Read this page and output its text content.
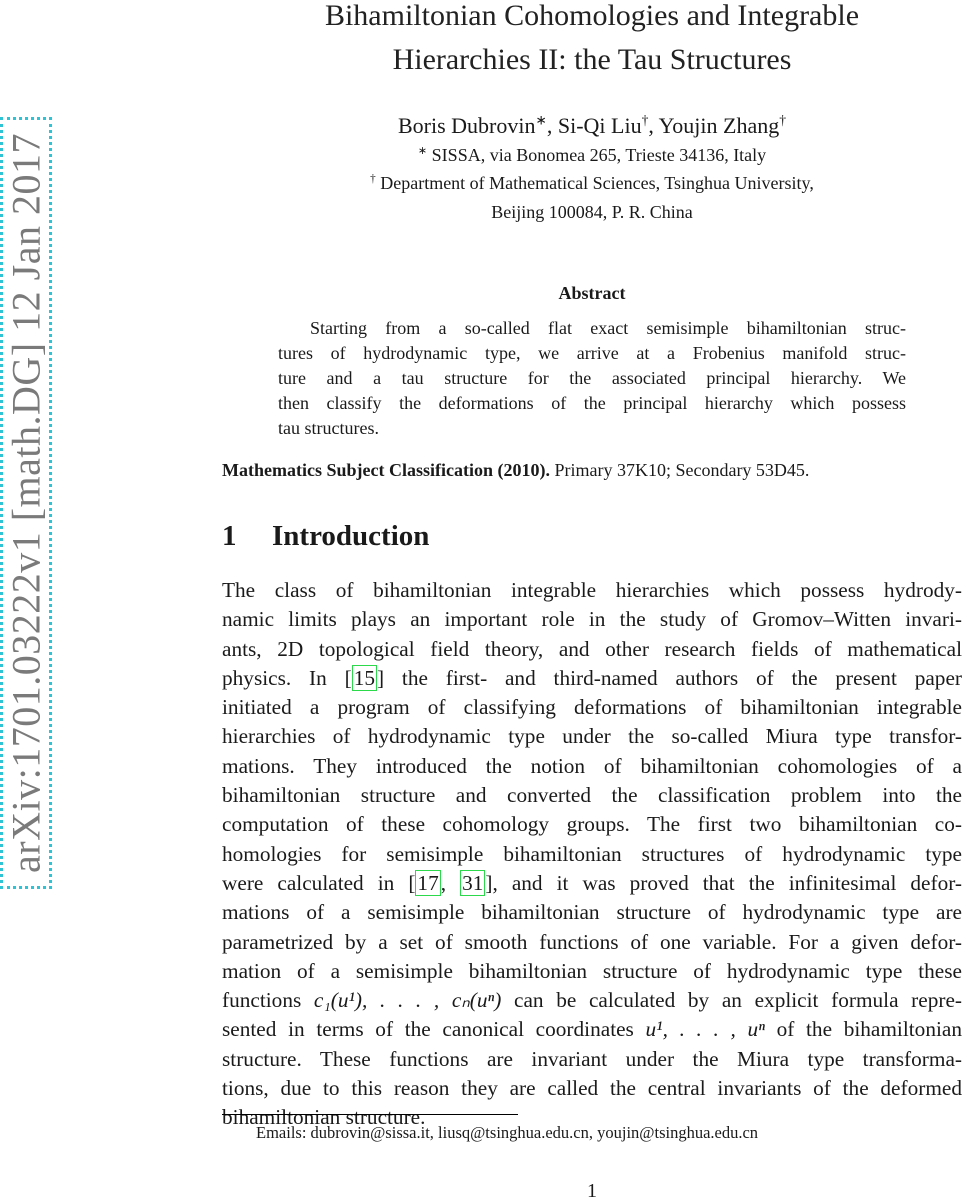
arXiv:1701.03222v1 [math.DG] 12 Jan 2017
Bihamiltonian Cohomologies and Integrable
Hierarchies II: the Tau Structures
Boris Dubrovin∗, Si-Qi Liu†, Youjin Zhang†
∗ SISSA, via Bonomea 265, Trieste 34136, Italy
† Department of Mathematical Sciences, Tsinghua University,
Beijing 100084, P. R. China
Abstract
Starting from a so-called flat exact semisimple bihamiltonian struc-
tures of hydrodynamic type, we arrive at a Frobenius manifold struc-
ture and a tau structure for the associated principal hierarchy. We
then classify the deformations of the principal hierarchy which possess
tau structures.
Mathematics Subject Classification (2010). Primary 37K10; Secondary 53D45.
1 Introduction
The class of bihamiltonian integrable hierarchies which possess hydrody-
namic limits plays an important role in the study of Gromov–Witten invari-
ants, 2D topological field theory, and other research fields of mathematical
physics. In [15] the first- and third-named authors of the present paper
initiated a program of classifying deformations of bihamiltonian integrable
hierarchies of hydrodynamic type under the so-called Miura type transfor-
mations. They introduced the notion of bihamiltonian cohomologies of a
bihamiltonian structure and converted the classification problem into the
computation of these cohomology groups. The first two bihamiltonian co-
homologies for semisimple bihamiltonian structures of hydrodynamic type
were calculated in [17, 31], and it was proved that the infinitesimal defor-
mations of a semisimple bihamiltonian structure of hydrodynamic type are
parametrized by a set of smooth functions of one variable. For a given defor-
mation of a semisimple bihamiltonian structure of hydrodynamic type these
functions c₁(u¹), . . . , cₙ(uⁿ) can be calculated by an explicit formula repre-
sented in terms of the canonical coordinates u¹, . . . , uⁿ of the bihamiltonian
structure. These functions are invariant under the Miura type transforma-
tions, due to this reason they are called the central invariants of the deformed
bihamiltonian structure.
Emails: dubrovin@sissa.it, liusq@tsinghua.edu.cn, youjin@tsinghua.edu.cn
1
